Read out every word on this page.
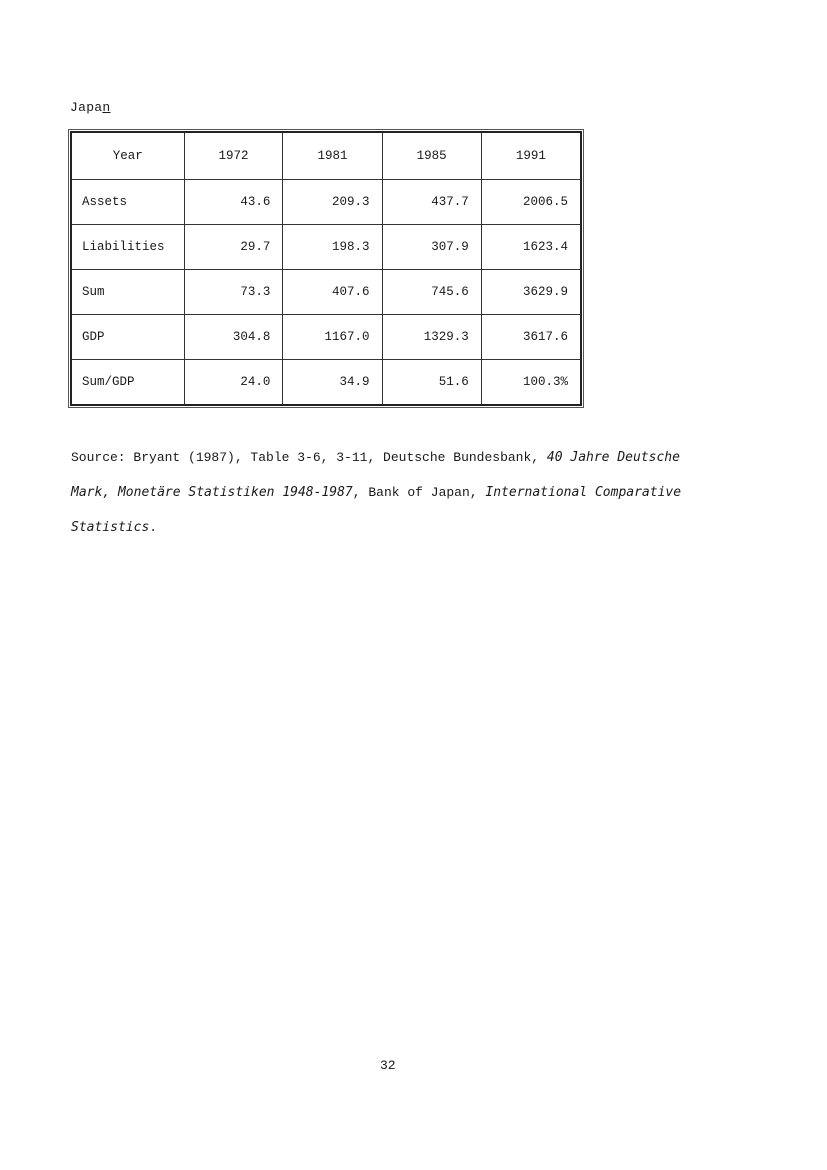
Japan
Year	1972	1981	1985	1991
Assets	43.6	209.3	437.7	2006.5
Liabilities	29.7	198.3	307.9	1623.4
Sum	73.3	407.6	745.6	3629.9
GDP	304.8	1167.0	1329.3	3617.6
Sum/GDP	24.0	34.9	51.6	100.3%
Source: Bryant (1987), Table 3-6, 3-11, Deutsche Bundesbank, 40 Jahre Deutsche Mark, Monetäre Statistiken 1948-1987, Bank of Japan, International Comparative Statistics.
32
